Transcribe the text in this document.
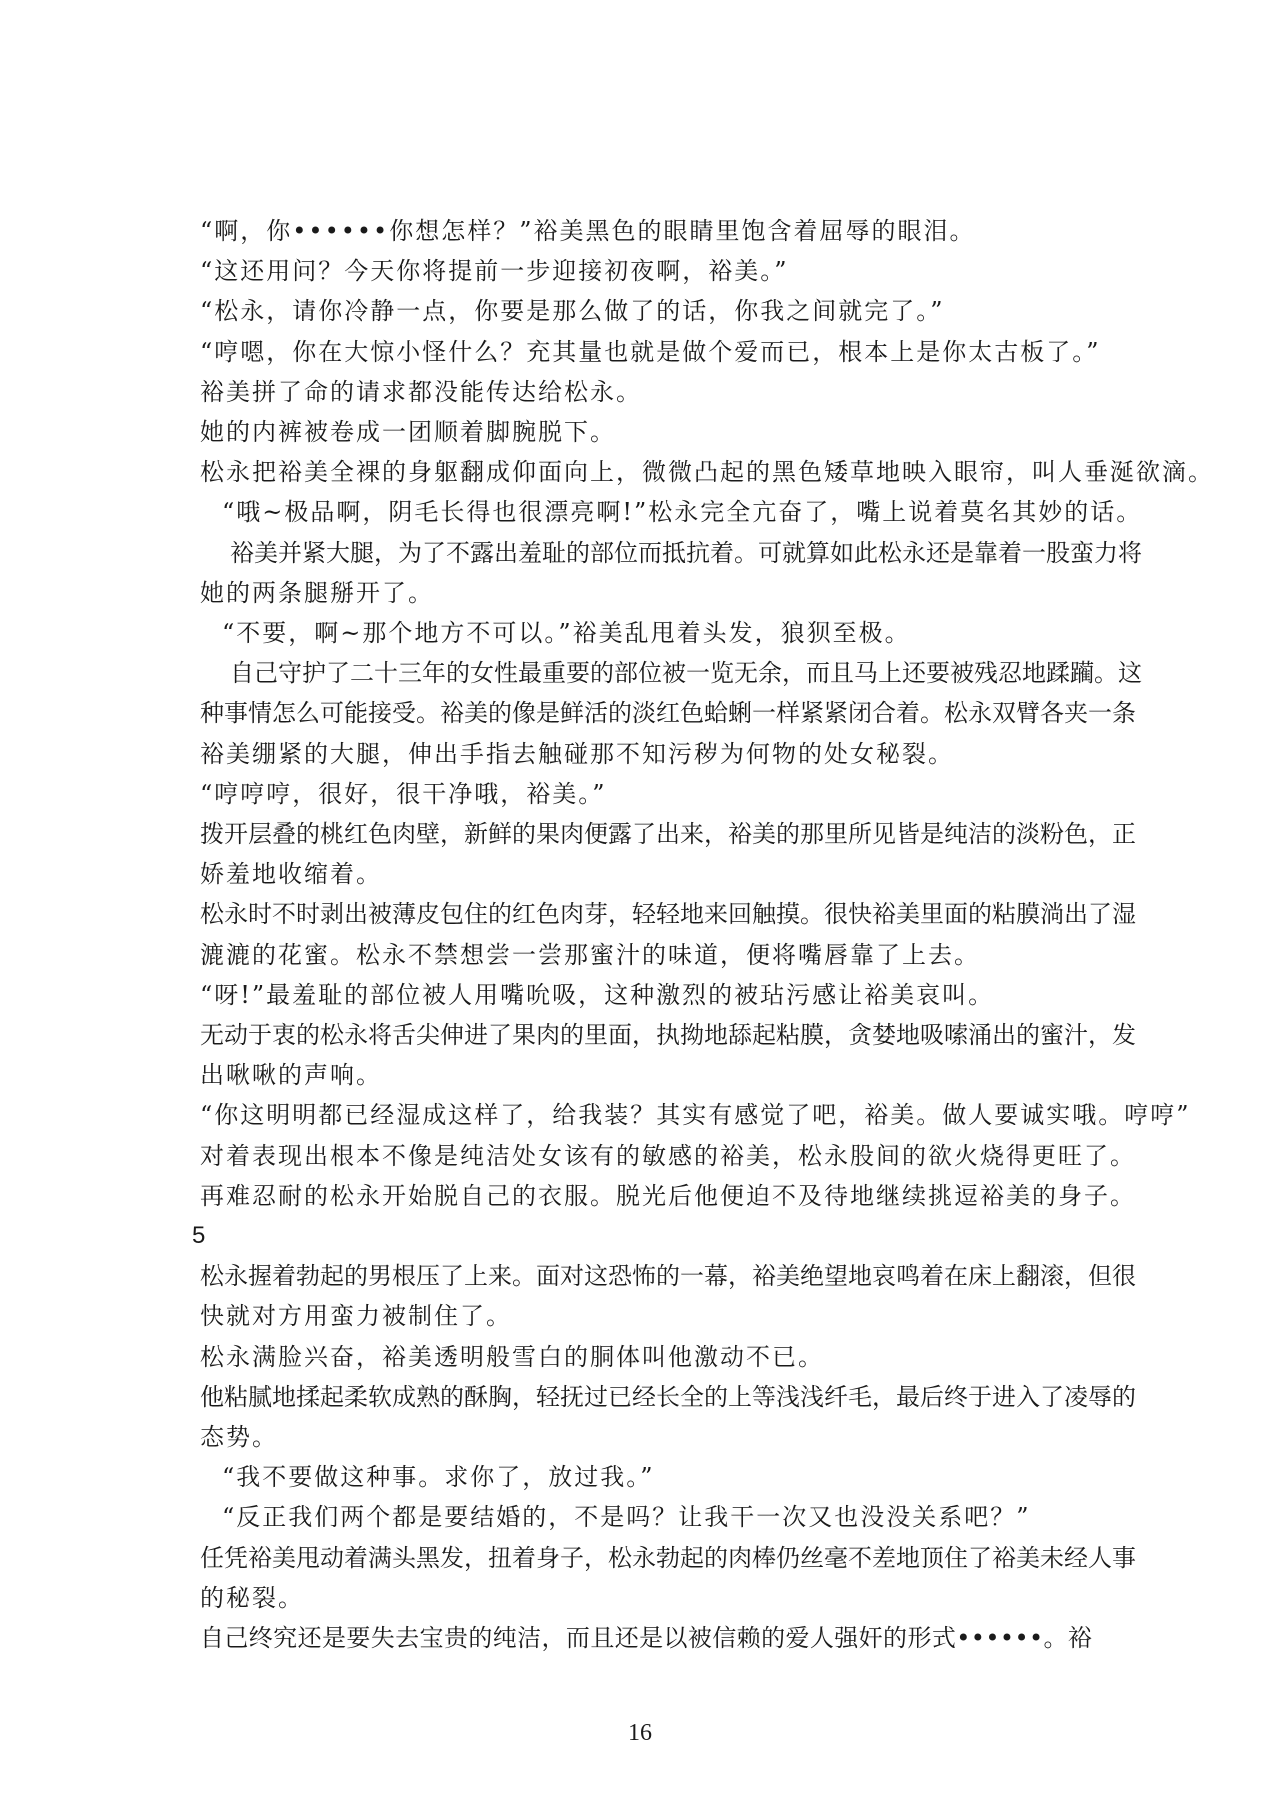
“啊，你••••••你想怎样？”裕美黑色的眼睛里饱含着屈辱的眼泪。
“这还用问？今天你将提前一步迎接初夜啊，裕美。”
“松永，请你冷静一点，你要是那么做了的话，你我之间就完了。”
“哼嗯，你在大惊小怪什么？充其量也就是做个爱而已，根本上是你太古板了。”
裕美拼了命的请求都没能传达给松永。
她的内裤被卷成一团顺着脚腕脱下。
松永把裕美全裸的身躯翻成仰面向上，微微凸起的黑色矮草地映入眼帘，叫人垂涎欲滴。
“哦~极品啊，阴毛长得也很漂亮啊!”松永完全亢奋了，嘴上说着莫名其妙的话。
裕美并紧大腿，为了不露出羞耻的部位而抵抗着。可就算如此松永还是靠着一股蛮力将
她的两条腿掰开了。
“不要，啊~那个地方不可以。”裕美乱甩着头发，狼狈至极。
自己守护了二十三年的女性最重要的部位被一览无余，而且马上还要被残忍地蹂躏。这
种事情怎么可能接受。裕美的像是鲜活的淡红色蛤蜊一样紧紧闭合着。松永双臂各夹一条
裕美绷紧的大腿，伸出手指去触碰那不知污秽为何物的处女秘裂。
“哼哼哼，很好，很干净哦，裕美。”
拨开层叠的桃红色肉壁，新鲜的果肉便露了出来，裕美的那里所见皆是纯洁的淡粉色，正
娇羞地收缩着。
松永时不时剥出被薄皮包住的红色肉芽，轻轻地来回触摸。很快裕美里面的粘膜淌出了湿
漉漉的花蜜。松永不禁想尝一尝那蜜汁的味道，便将嘴唇靠了上去。
“呀!”最羞耻的部位被人用嘴吮吸，这种激烈的被玷污感让裕美哀叫。
无动于衷的松永将舌尖伸进了果肉的里面，执拗地舔起粘膜，贪婪地吸嗦涌出的蜜汁，发
出啾啾的声响。
“你这明明都已经湿成这样了，给我装？其实有感觉了吧，裕美。做人要诚实哦。哼哼”
对着表现出根本不像是纯洁处女该有的敏感的裕美，松永股间的欲火烧得更旺了。
再难忍耐的松永开始脱自己的衣服。脱光后他便迫不及待地继续挑逗裕美的身子。
5
松永握着勃起的男根压了上来。面对这恐怖的一幕，裕美绝望地哀鸣着在床上翻滚，但很
快就对方用蛮力被制住了。
松永满脸兴奋，裕美透明般雪白的胴体叫他激动不已。
他粘腻地揉起柔软成熟的酥胸，轻抚过已经长全的上等浅浅纤毛，最后终于进入了凌辱的
态势。
“我不要做这种事。求你了，放过我。”
“反正我们两个都是要结婚的，不是吗？让我干一次又也没没关系吧？”
任凭裕美甩动着满头黑发，扭着身子，松永勃起的肉棒仍丝毫不差地顶住了裕美未经人事
的秘裂。
自己终究还是要失去宝贵的纯洁，而且还是以被信赖的爱人强奸的形式••••••。裕
16
